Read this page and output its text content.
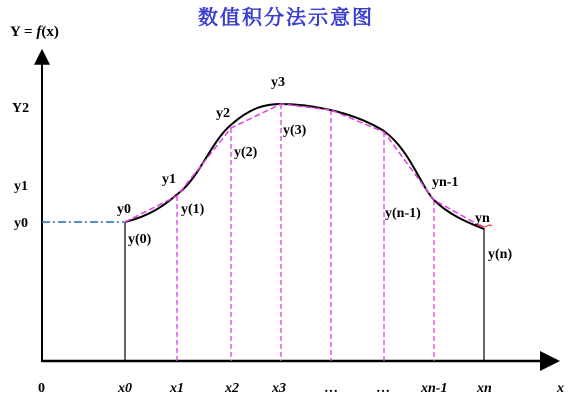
数值积分法示意图
Y = f(x)
0	x
Y2
y1
y0
x0	x1	x2 x3	…	… xn-1 xn
y0
y1
y2
y3
yn-1
yn
y(0)
y(1)
y(2)
y(3)
y(n-1)
y(n)
